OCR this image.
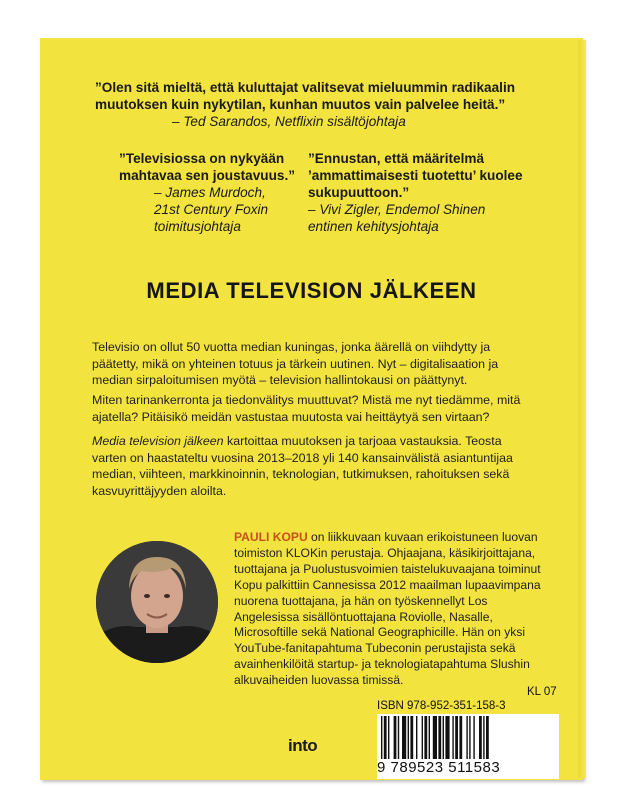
”Olen sitä mieltä, että kuluttajat valitsevat mieluummin radikaalin muutoksen kuin nykytilan, kunhan muutos vain palvelee heitä.”
– Ted Sarandos, Netflixin sisältöjohtaja
”Televisiossa on nykyään mahtavaa sen joustavuus.”
– James Murdoch,
21st Century Foxin
toimitusjohtaja
”Ennustan, että määritelmä ’ammattimaisesti tuotettu’ kuolee sukupuuttoon.”
– Vivi Zigler, Endemol Shinen
entinen kehitysjohtaja
MEDIA TELEVISION JÄLKEEN
Televisio on ollut 50 vuotta median kuningas, jonka äärellä on viihdytty ja päätetty, mikä on yhteinen totuus ja tärkein uutinen. Nyt – digitalisaation ja median sirpaloitumisen myötä – television hallintokausi on päättynyt.
Miten tarinankerronta ja tiedonvälitys muuttuvat? Mistä me nyt tiedämme, mitä ajatella? Pitäisikö meidän vastustaa muutosta vai heittäytyä sen virtaan?
Media television jälkeen kartoittaa muutoksen ja tarjoaa vastauksia. Teosta varten on haastateltu vuosina 2013–2018 yli 140 kansainvälistä asiantuntijaa median, viihteen, markkinoinnin, teknologian, tutkimuksen, rahoituksen sekä kasvuyrittäjyyden aloilta.
PAULI KOPU on liikkuvaan kuvaan erikoistuneen luovan toimiston KLOKin perustaja. Ohjaajana, käsikirjoittajana, tuottajana ja Puolustusvoimien taistelukuvaajana toiminut Kopu palkittiin Cannesissa 2012 maailman lupaavimpana nuorena tuottajana, ja hän on työskennellyt Los Angelesissa sisällöntuottajana Roviolle, Nasalle, Microsoftille sekä National Geographicille. Hän on yksi YouTube-fanitapahtuma Tubeconin perustajista sekä avainhenkilöitä startup- ja teknologiatapahtuma Slushin alkuvaiheiden luovassa timissä.
KL 07
ISBN 978-952-351-158-3
9 789523 511583
into
